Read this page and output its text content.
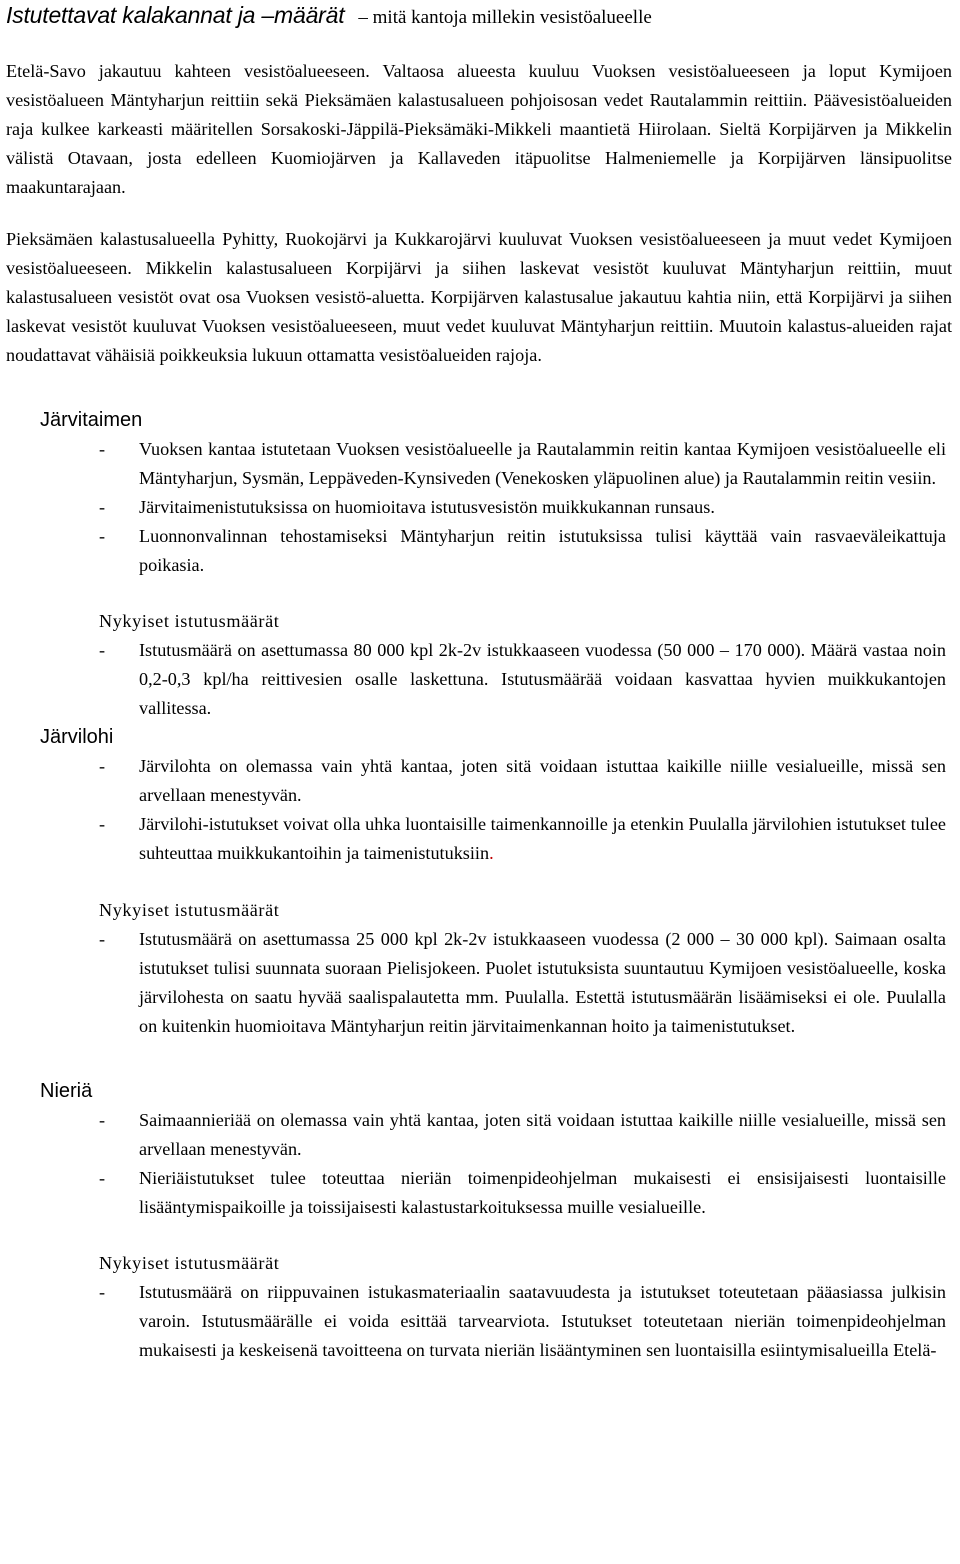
Istutettavat kalakannat ja –määrät – mitä kantoja millekin vesistöalueelle

Etelä-Savo jakautuu kahteen vesistöalueeseen. Valtaosa alueesta kuuluu Vuoksen vesistöalueeseen ja loput Kymijoen vesistöalueen Mäntyharjun reittiin sekä Pieksämäen kalastusalueen pohjoisosan vedet Rautalammin reittiin. Päävesistöalueiden raja kulkee karkeasti määritellen Sorsakoski-Jäppilä-Pieksämäki-Mikkeli maantietä Hiirolaan. Sieltä Korpijärven ja Mikkelin välistä Otavaan, josta edelleen Kuomiojärven ja Kallaveden itäpuolitse Halmeniemelle ja Korpijärven länsipuolitse maakuntarajaan.

Pieksämäen kalastusalueella Pyhitty, Ruokojärvi ja Kukkarojärvi kuuluvat Vuoksen vesistöalueeseen ja muut vedet Kymijoen vesistöalueeseen. Mikkelin kalastusalueen Korpijärvi ja siihen laskevat vesistöt kuuluvat Mäntyharjun reittiin, muut kalastusalueen vesistöt ovat osa Vuoksen vesistö-aluetta. Korpijärven kalastusalue jakautuu kahtia niin, että Korpijärvi ja siihen laskevat vesistöt kuuluvat Vuoksen vesistöalueeseen, muut vedet kuuluvat Mäntyharjun reittiin. Muutoin kalastus-alueiden rajat noudattavat vähäisiä poikkeuksia lukuun ottamatta vesistöalueiden rajoja.

Järvitaimen
-	Vuoksen kantaa istutetaan Vuoksen vesistöalueelle ja Rautalammin reitin kantaa Kymijoen vesistöalueelle eli Mäntyharjun, Sysmän, Leppäveden-Kynsiveden (Venekosken yläpuolinen alue) ja Rautalammin reitin vesiin.
-	Järvitaimenistutuksissa on huomioitava istutusvesistön muikkukannan runsaus.
-	Luonnonvalinnan tehostamiseksi Mäntyharjun reitin istutuksissa tulisi käyttää vain rasvaeväleikattuja poikasia.
Nykyiset istutusmäärät
-	Istutusmäärä on asettumassa 80 000 kpl 2k-2v istukkaaseen vuodessa (50 000 – 170 000). Määrä vastaa noin 0,2-0,3 kpl/ha reittivesien osalle laskettuna. Istutusmäärää voidaan kasvattaa hyvien muikkukantojen vallitessa.
Järvilohi
-	Järvilohta on olemassa vain yhtä kantaa, joten sitä voidaan istuttaa kaikille niille vesialueille, missä sen arvellaan menestyvän.
-	Järvilohi-istutukset voivat olla uhka luontaisille taimenkannoille ja etenkin Puulalla järvilohien istutukset tulee suhteuttaa muikkukantoihin ja taimenistutuksiin.
Nykyiset istutusmäärät
-	Istutusmäärä on asettumassa 25 000 kpl 2k-2v istukkaaseen vuodessa (2 000 – 30 000 kpl). Saimaan osalta istutukset tulisi suunnata suoraan Pielisjokeen. Puolet istutuksista suuntautuu Kymijoen vesistöalueelle, koska järvilohesta on saatu hyvää saalispalautetta mm. Puulalla. Estettä istutusmäärän lisäämiseksi ei ole. Puulalla on kuitenkin huomioitava Mäntyharjun reitin järvitaimenkannan hoito ja taimenistutukset.
Nieriä
-	Saimaannieriää on olemassa vain yhtä kantaa, joten sitä voidaan istuttaa kaikille niille vesialueille, missä sen arvellaan menestyvän.
-	Nieriäistutukset tulee toteuttaa nieriän toimenpideohjelman mukaisesti ei ensisijaisesti luontaisille lisääntymispaikoille ja toissijaisesti kalastustarkoituksessa muille vesialueille.
Nykyiset istutusmäärät
-	Istutusmäärä on riippuvainen istukasmateriaalin saatavuudesta ja istutukset toteutetaan pääasiassa julkisin varoin. Istutusmäärälle ei voida esittää tarvearviota. Istutukset toteutetaan nieriän toimenpideohjelman mukaisesti ja keskeisenä tavoitteena on turvata nieriän lisääntyminen sen luontaisilla esiintymisalueilla Etelä-
